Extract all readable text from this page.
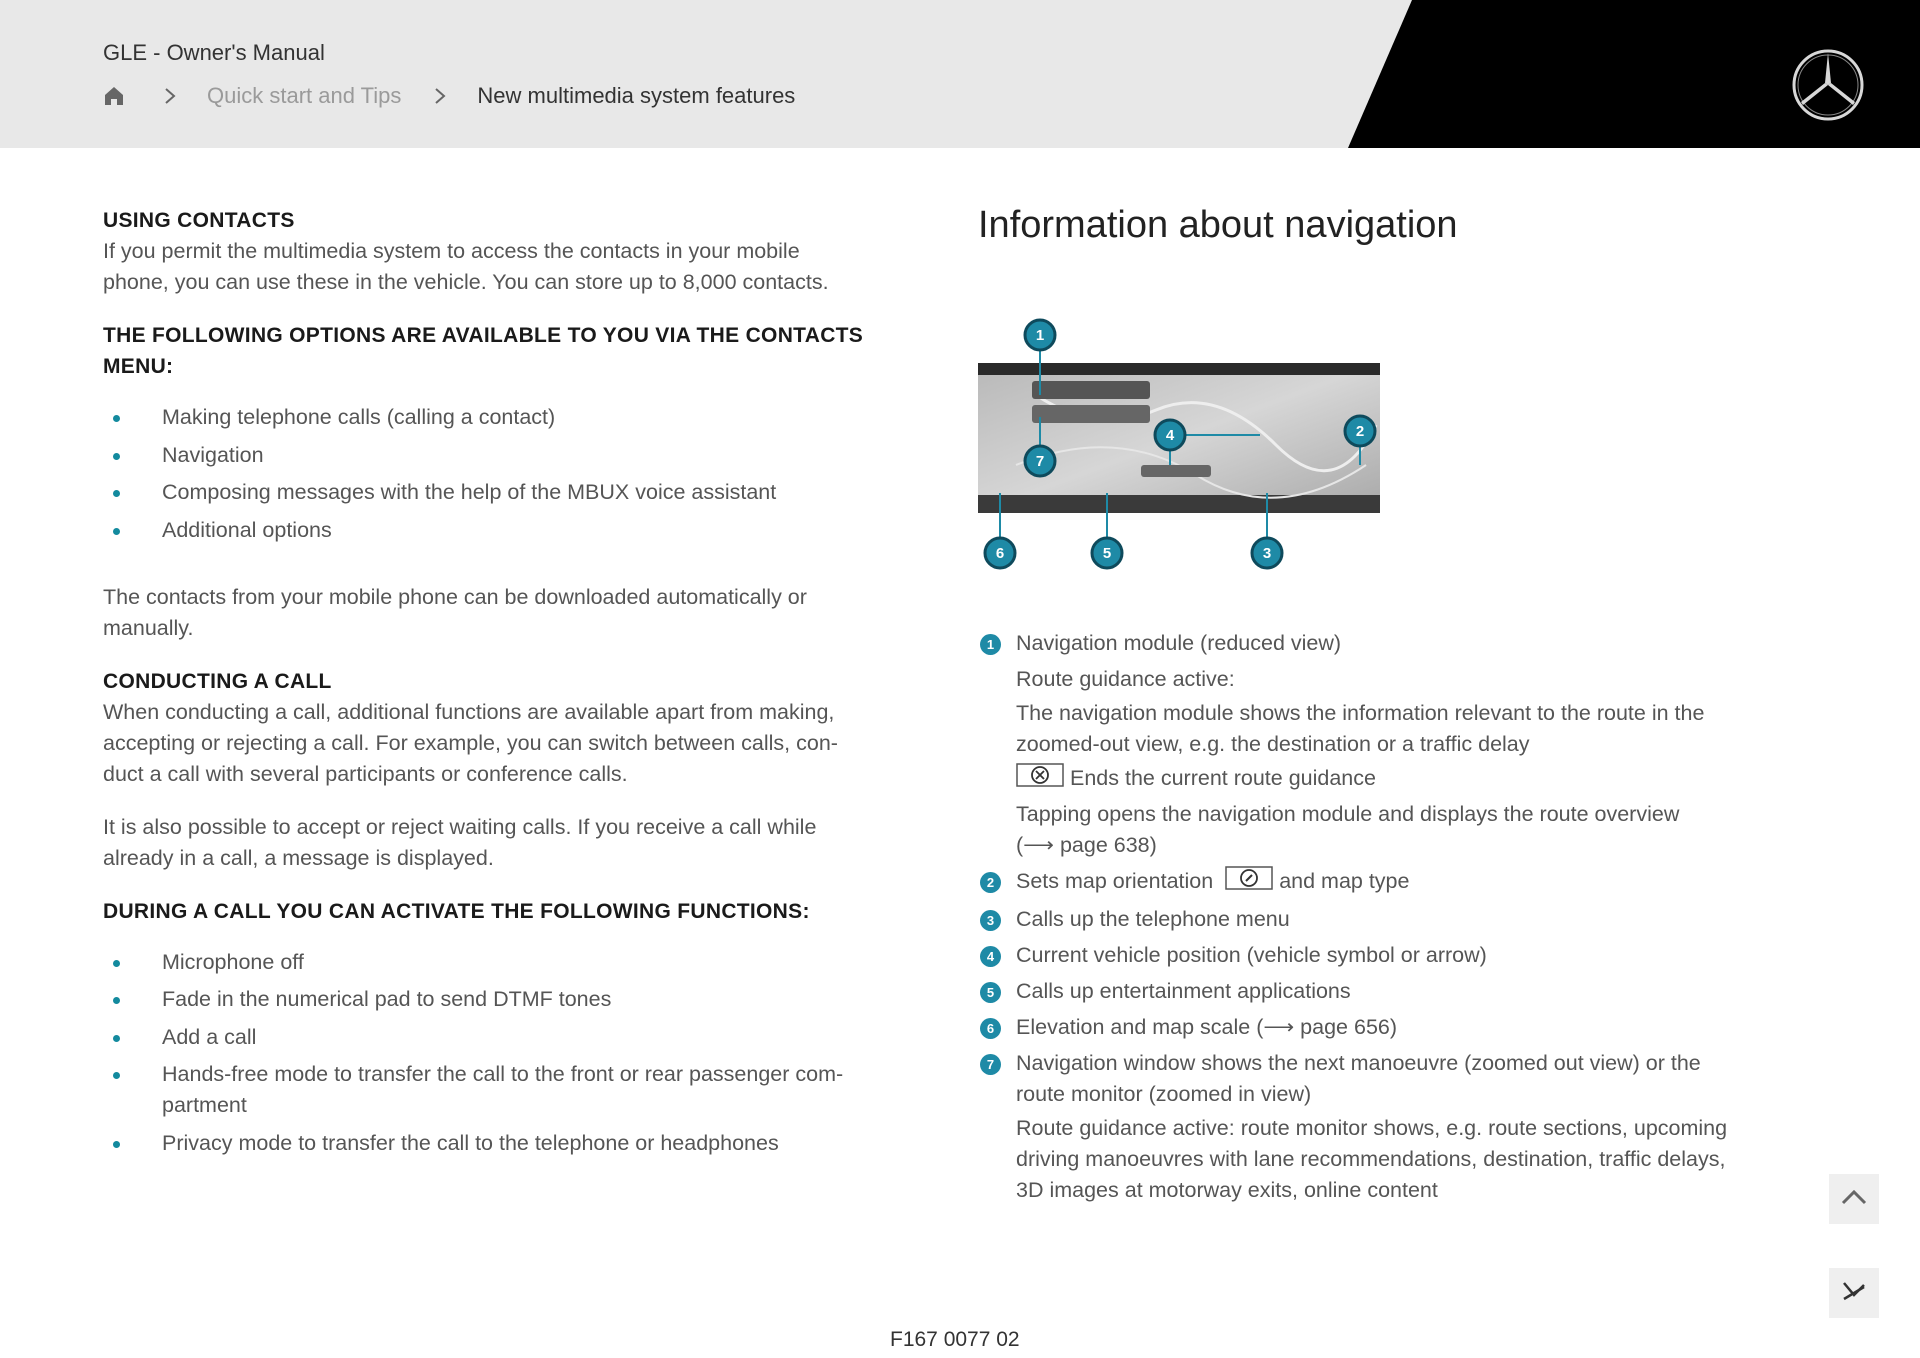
GLE - Owner's Manual
Quick start and Tips	New multimedia system features
USING CONTACTS
If you permit the multimedia system to access the contacts in your mobile
phone, you can use these in the vehicle. You can store up to 8,000 contacts.
THE FOLLOWING OPTIONS ARE AVAILABLE TO YOU VIA THE CONTACTS
MENU:
Making telephone calls (calling a contact)
Navigation
Composing messages with the help of the MBUX voice assistant
Additional options
The contacts from your mobile phone can be downloaded automatically or
manually.
CONDUCTING A CALL
When conducting a call, additional functions are available apart from making,
accepting or rejecting a call. For example, you can switch between calls, con-
duct a call with several participants or conference calls.
It is also possible to accept or reject waiting calls. If you receive a call while
already in a call, a message is displayed.
DURING A CALL YOU CAN ACTIVATE THE FOLLOWING FUNCTIONS:
Microphone off
Fade in the numerical pad to send DTMF tones
Add a call
Hands-free mode to transfer the call to the front or rear passenger com-
partment
Privacy mode to transfer the call to the telephone or headphones
Information about navigation
1
2
3
4
5
6
7
1	Navigation module (reduced view)
Route guidance active:
The navigation module shows the information relevant to the route in the
zoomed-out view, e.g. the destination or a traffic delay
Ends the current route guidance
Tapping opens the navigation module and displays the route overview
(⟶ page 638)
2	Sets map orientation	and map type
3	Calls up the telephone menu
4	Current vehicle position (vehicle symbol or arrow)
5	Calls up entertainment applications
6	Elevation and map scale (⟶ page 656)
7	Navigation window shows the next manoeuvre (zoomed out view) or the
route monitor (zoomed in view)
Route guidance active: route monitor shows, e.g. route sections, upcoming
driving manoeuvres with lane recommendations, destination, traffic delays,
3D images at motorway exits, online content
F167 0077 02
